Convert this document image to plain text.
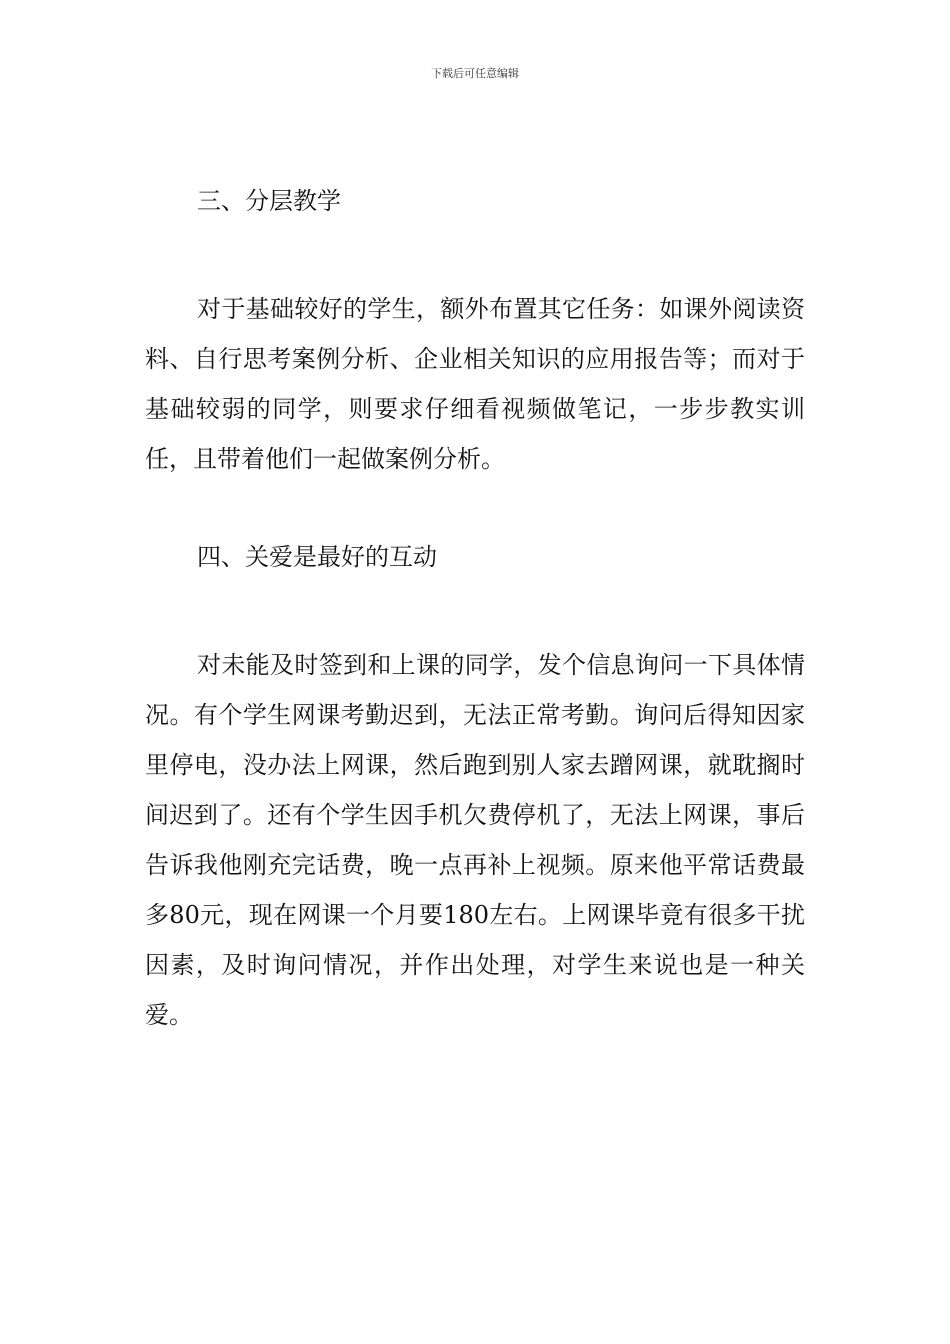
下载后可任意编辑
三、分层教学

对于基础较好的学生，额外布置其它任务：如课外阅读资料、自行思考案例分析、企业相关知识的应用报告等；而对于基础较弱的同学，则要求仔细看视频做笔记，一步步教实训任，且带着他们一起做案例分析。

四、关爱是最好的互动

对未能及时签到和上课的同学，发个信息询问一下具体情况。有个学生网课考勤迟到，无法正常考勤。询问后得知因家里停电，没办法上网课，然后跑到别人家去蹭网课，就耽搁时间迟到了。还有个学生因手机欠费停机了，无法上网课，事后告诉我他刚充完话费，晚一点再补上视频。原来他平常话费最多80元，现在网课一个月要180左右。上网课毕竟有很多干扰因素，及时询问情况，并作出处理，对学生来说也是一种关爱。
